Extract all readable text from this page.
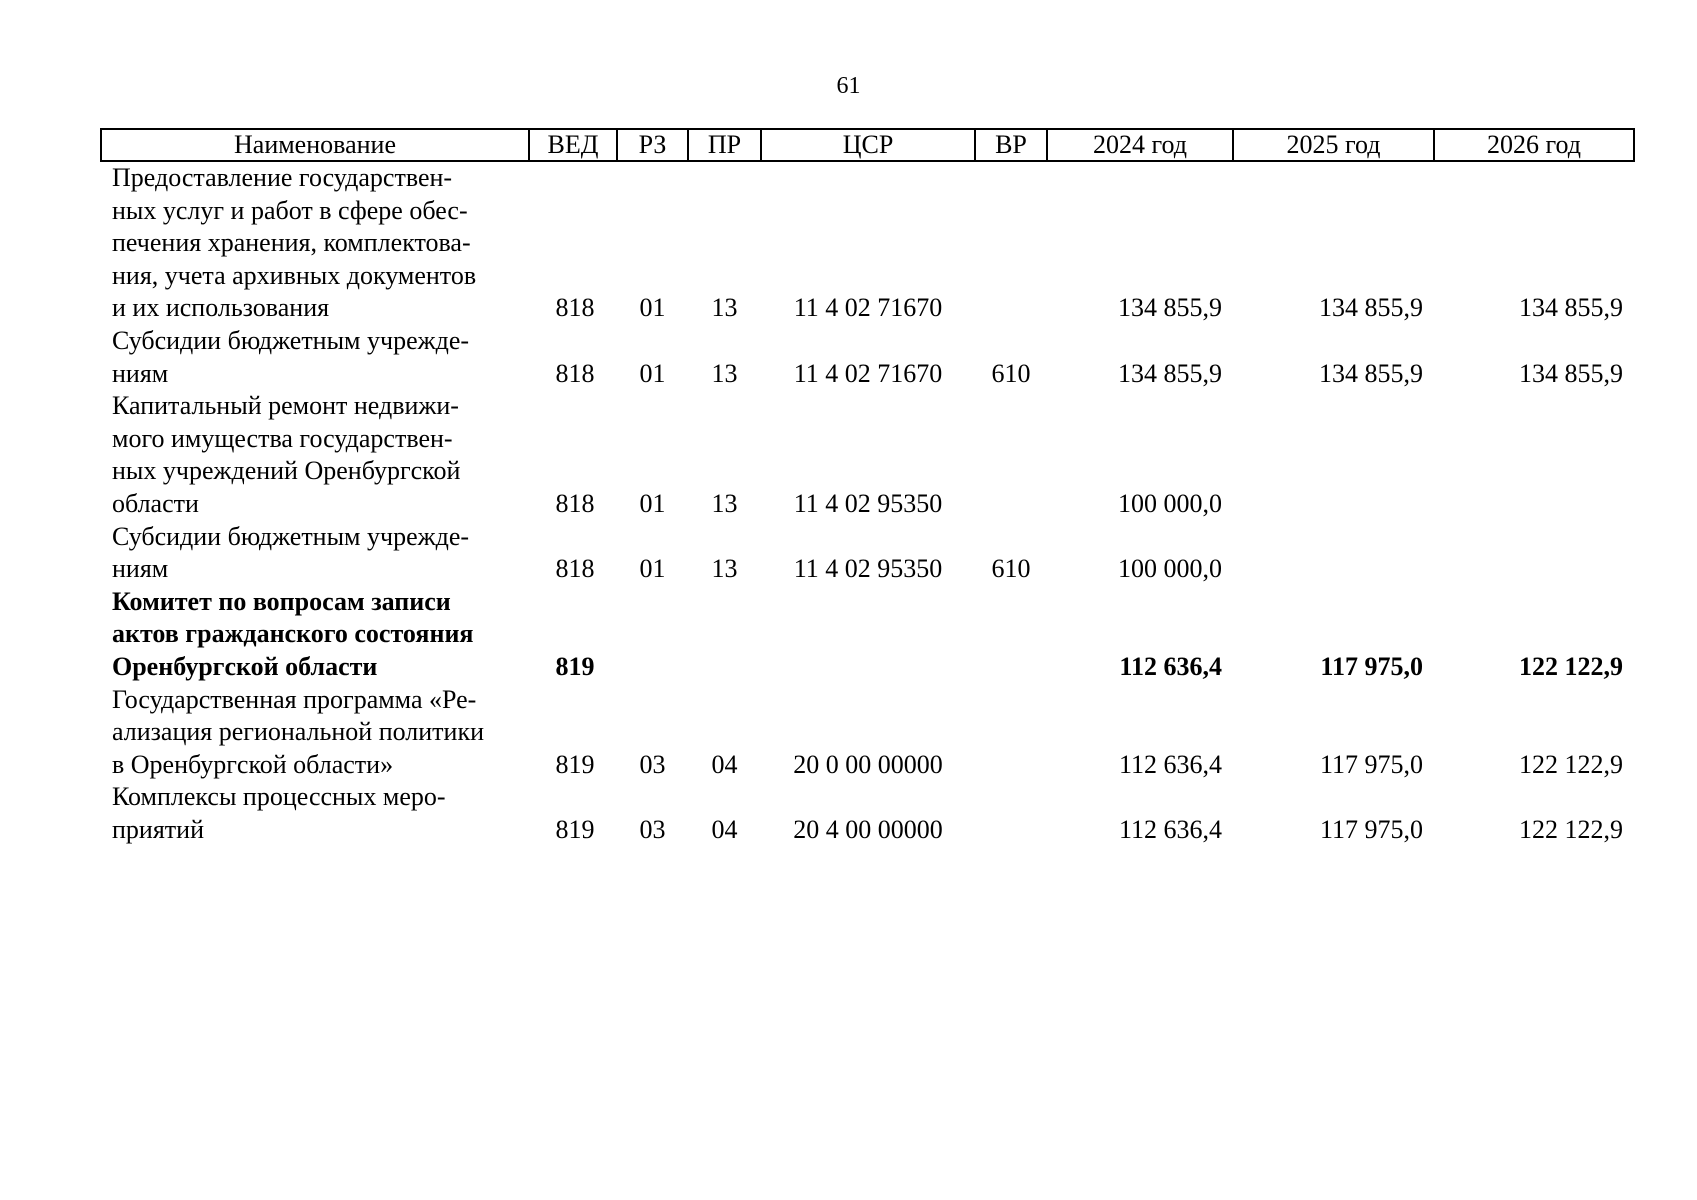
61
Наименование	ВЕД	РЗ	ПР	ЦСР	ВР	2024 год	2025 год	2026 год
Предоставление государствен-
ных услуг и работ в сфере обес-
печения хранения, комплектова-
ния, учета архивных документов
и их использования	818	01	13	11 4 02 71670		134 855,9	134 855,9	134 855,9
Субсидии бюджетным учрежде-
ниям	818	01	13	11 4 02 71670	610	134 855,9	134 855,9	134 855,9
Капитальный ремонт недвижи-
мого имущества государствен-
ных учреждений Оренбургской
области	818	01	13	11 4 02 95350		100 000,0		
Субсидии бюджетным учрежде-
ниям	818	01	13	11 4 02 95350	610	100 000,0		
Комитет по вопросам записи
актов гражданского состояния
Оренбургской области	819					112 636,4	117 975,0	122 122,9
Государственная программа «Ре-
ализация региональной политики
в Оренбургской области»	819	03	04	20 0 00 00000		112 636,4	117 975,0	122 122,9
Комплексы процессных меро-
приятий	819	03	04	20 4 00 00000		112 636,4	117 975,0	122 122,9
